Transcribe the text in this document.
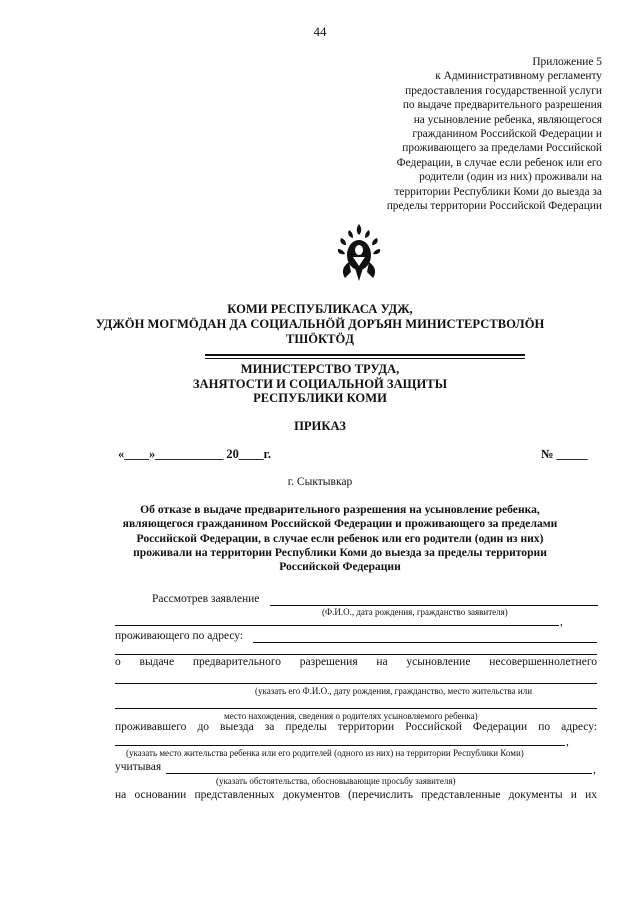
44
Приложение 5
к Административному регламенту
предоставления государственной услуги
по выдаче предварительного разрешения
на усыновление ребенка, являющегося
гражданином Российской Федерации и
проживающего за пределами Российской
Федерации, в случае если ребенок или его
родители (один из них) проживали на
территории Республики Коми до выезда за
пределы территории Российской Федерации
КОМИ РЕСПУБЛИКАСА УДЖ,
УДЖÖН МОГМÖДАН ДА СОЦИАЛЬНÖЙ ДОРЪЯН МИНИСТЕРСТВОЛÖН
ТШÖКТÖД
МИНИСТЕРСТВО ТРУДА,
ЗАНЯТОСТИ И СОЦИАЛЬНОЙ ЗАЩИТЫ
РЕСПУБЛИКИ КОМИ
ПРИКАЗ
«____»___________ 20____г.	№ _____
г. Сыктывкар
Об отказе в выдаче предварительного разрешения на усыновление ребенка,
являющегося гражданином Российской Федерации и проживающего за пределами
Российской Федерации, в случае если ребенок или его родители (один из них)
проживали на территории Республики Коми до выезда за пределы территории
Российской Федерации
Рассмотрев заявление
(Ф.И.О., дата рождения, гражданство заявителя)
,
проживающего по адресу:
о выдаче предварительного разрешения на усыновление несовершеннолетнего
(указать его Ф.И.О., дату рождения, гражданство, место жительства или
место нахождения, сведения о родителях усыновляемого ребенка)
проживавшего до выезда за пределы территории Российской Федерации по адресу:
,
(указать место жительства ребенка или его родителей (одного из них) на территории Республики Коми)
учитывая	,
(указать обстоятельства, обосновывающие просьбу заявителя)
на основании представленных документов (перечислить представленные документы и их
